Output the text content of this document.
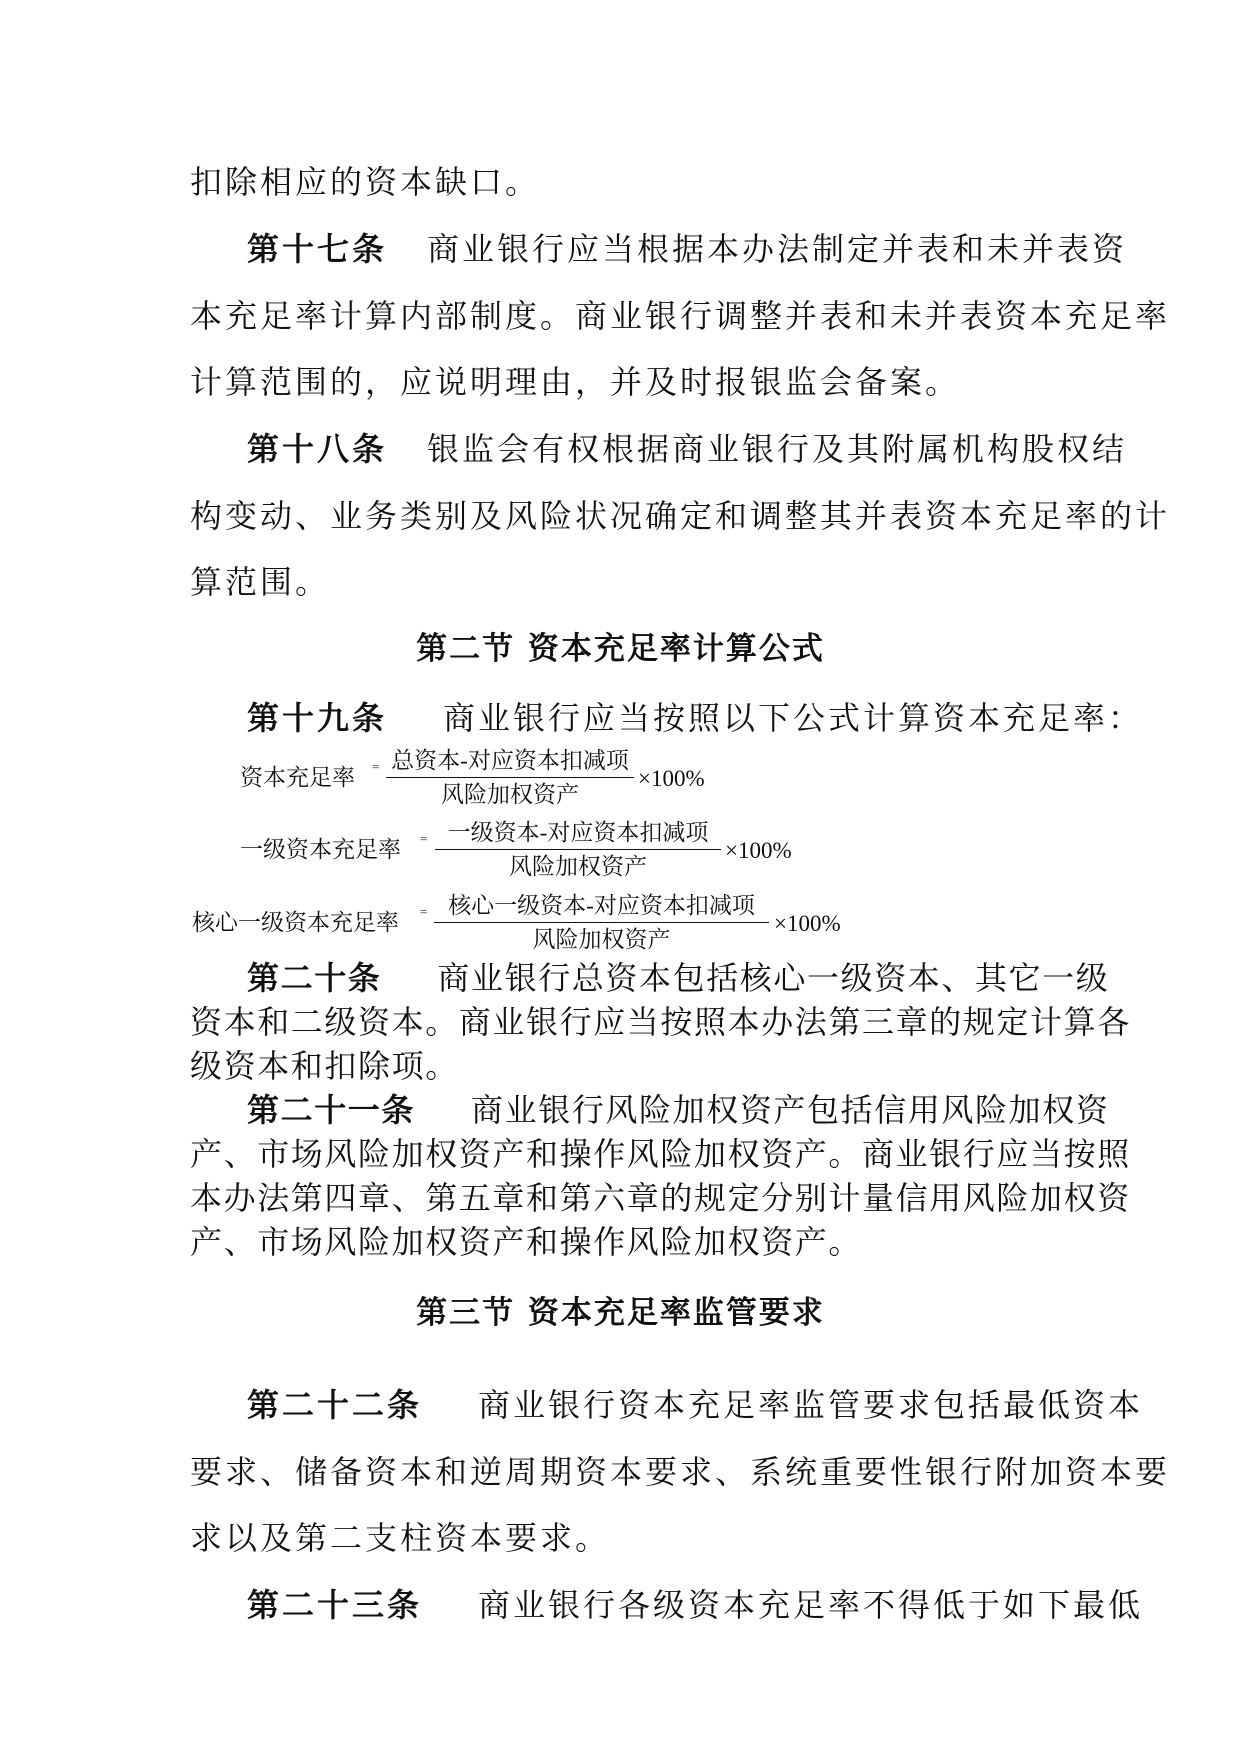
扣除相应的资本缺口。
第十七条 商业银行应当根据本办法制定并表和未并表资
本充足率计算内部制度。商业银行调整并表和未并表资本充足率
计算范围的，应说明理由，并及时报银监会备案。
第十八条 银监会有权根据商业银行及其附属机构股权结
构变动、业务类别及风险状况确定和调整其并表资本充足率的计
算范围。
第二节 资本充足率计算公式
第十九条 商业银行应当按照以下公式计算资本充足率：
资本充足率 = 总资本-对应资本扣减项
风险加权资产
×100%
一级资本充足率 = 一级资本-对应资本扣减项
风险加权资产
×100%
核心一级资本充足率 = 核心一级资本-对应资本扣减项
风险加权资产
×100%
第二十条 商业银行总资本包括核心一级资本、其它一级
资本和二级资本。商业银行应当按照本办法第三章的规定计算各
级资本和扣除项。
第二十一条 商业银行风险加权资产包括信用风险加权资
产、市场风险加权资产和操作风险加权资产。商业银行应当按照
本办法第四章、第五章和第六章的规定分别计量信用风险加权资
产、市场风险加权资产和操作风险加权资产。
第三节 资本充足率监管要求
第二十二条 商业银行资本充足率监管要求包括最低资本
要求、储备资本和逆周期资本要求、系统重要性银行附加资本要
求以及第二支柱资本要求。
第二十三条 商业银行各级资本充足率不得低于如下最低
